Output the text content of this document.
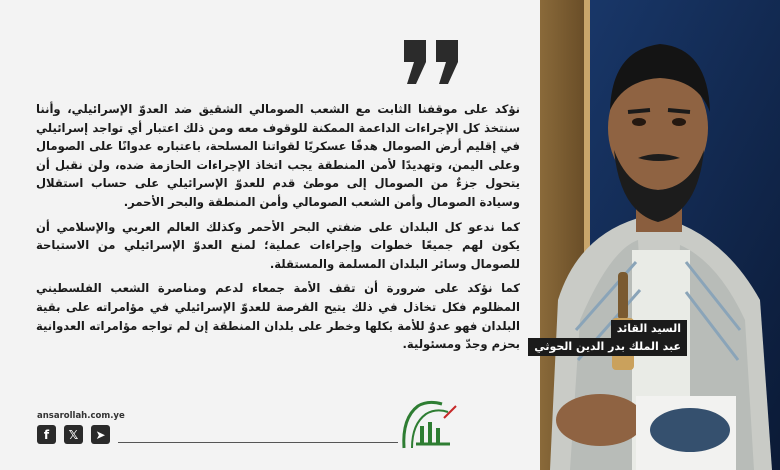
نؤكد على موقفنا الثابت مع الشعب الصومالي الشقيق ضد العدوّ الإسرائيلي، وأننا سنتخذ كل الإجراءات الداعمة الممكنة للوقوف معه ومن ذلك اعتبار أي تواجد إسرائيلي في إقليم أرض الصومال هدفًا عسكريًا لقواتنا المسلحة، باعتباره عدوانًا على الصومال وعلى اليمن، وتهديدًا لأمن المنطقة يجب اتخاذ الإجراءات الحازمة ضده، ولن نقبل أن يتحول جزءٌ من الصومال إلى موطئ قدم للعدوّ الإسرائيلي على حساب استقلال وسيادة الصومال وأمن الشعب الصومالي وأمن المنطقة والبحر الأحمر.

كما ندعو كل البلدان على ضفتي البحر الأحمر وكذلك العالم العربي والإسلامي أن يكون لهم جميعًا خطوات وإجراءات عملية؛ لمنع العدوّ الإسرائيلي من الاستباحة للصومال وسائر البلدان المسلمة والمستقلة.

كما نؤكد على ضرورة أن تقف الأمة جمعاء لدعم ومناصرة الشعب الفلسطيني المظلوم فكل تخاذل في ذلك يتيح الفرصة للعدوّ الإسرائيلي في مؤامراته على بقية البلدان فهو عدوٌ للأمة بكلها وخطر على بلدان المنطقة إن لم تواجه مؤامراته العدوانية بحزم وجدّ ومسئولية.

السيد القائد
عبد الملك بدر الدين الحوثي
ansarollah.com.ye
f	𝕏	➤
